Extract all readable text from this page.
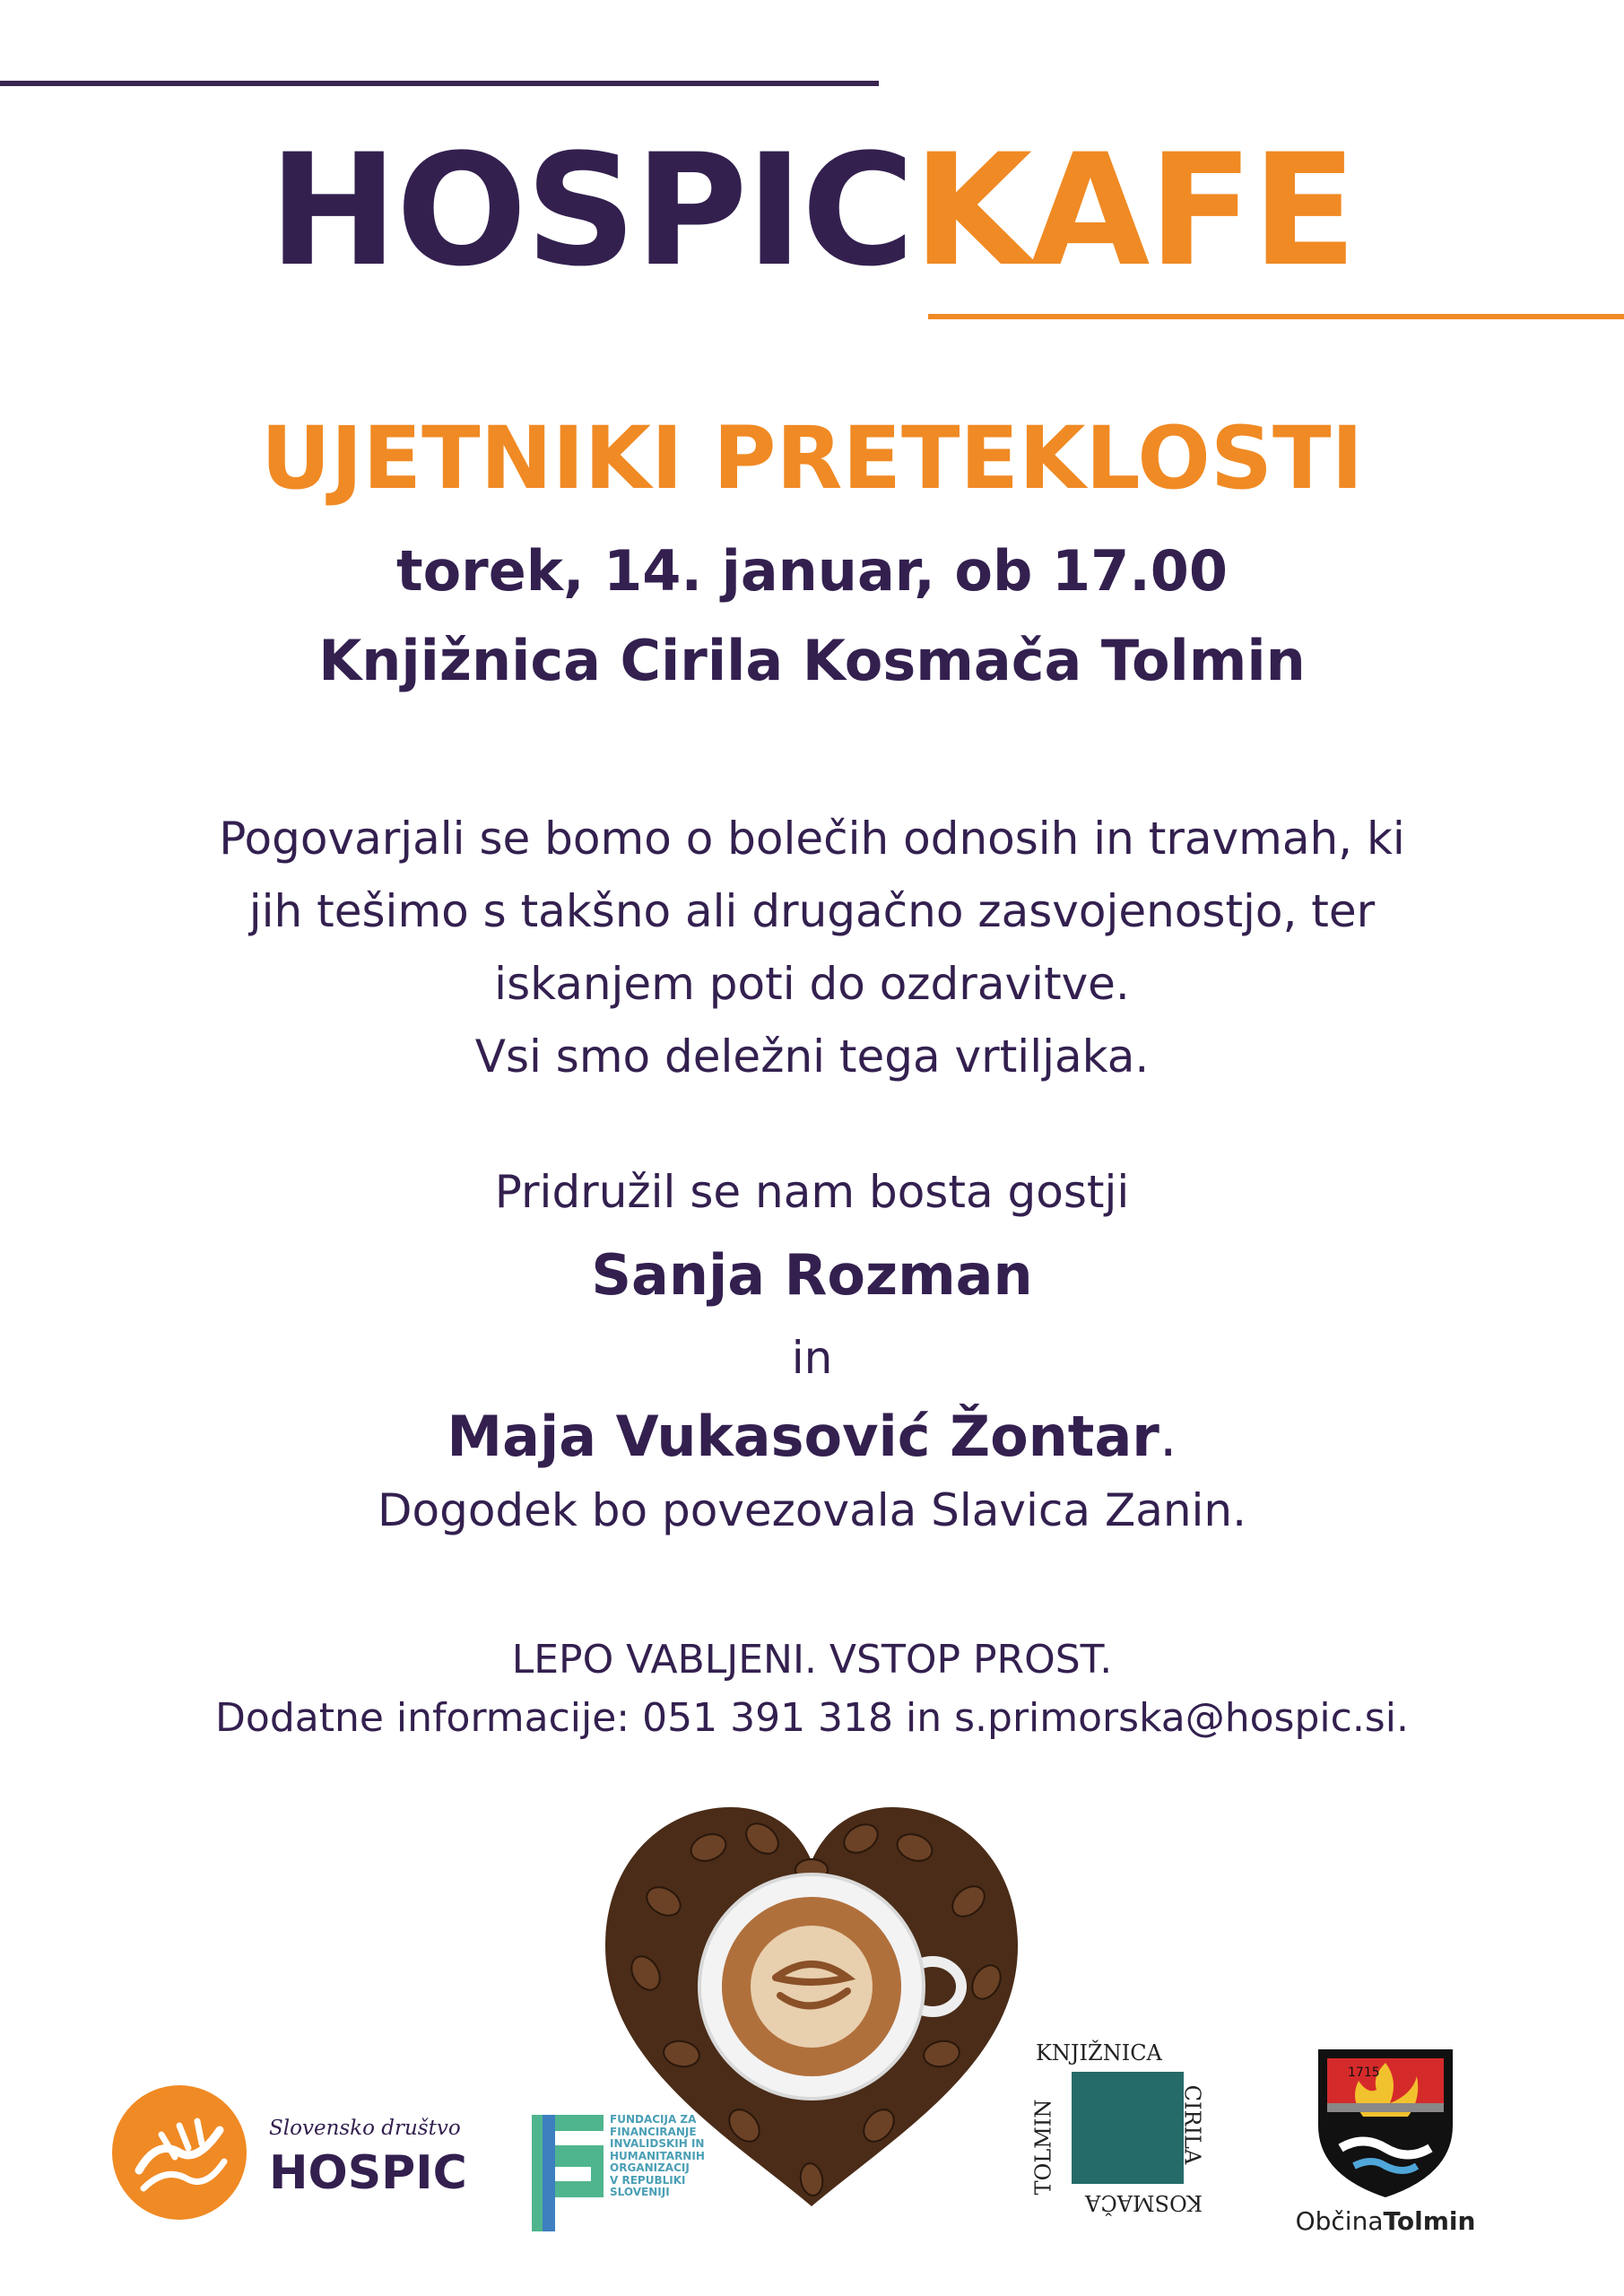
HOSPICKAFE
UJETNIKI PRETEKLOSTI
torek, 14. januar, ob 17.00
Knjižnica Cirila Kosmača Tolmin
Pogovarjali se bomo o bolečih odnosih in travmah, ki
jih tešimo s takšno ali drugačno zasvojenostjo, ter
iskanjem poti do ozdravitve.
Vsi smo deležni tega vrtiljaka.
Pridružil se nam bosta gostji
Sanja Rozman
in
Maja Vukasović Žontar.
Dogodek bo povezovala Slavica Zanin.
LEPO VABLJENI. VSTOP PROST.
Dodatne informacije: 051 391 318 in s.primorska@hospic.si.
Slovensko društvo
HOSPIC
FUNDACIJA ZA
FINANCIRANJE
INVALIDSKIH IN
HUMANITARNIH
ORGANIZACIJ
V REPUBLIKI
SLOVENIJI
KNJIŽNICA
CIRILA
KOSMAČA
TOLMIN
1715
ObčinaTolmin
